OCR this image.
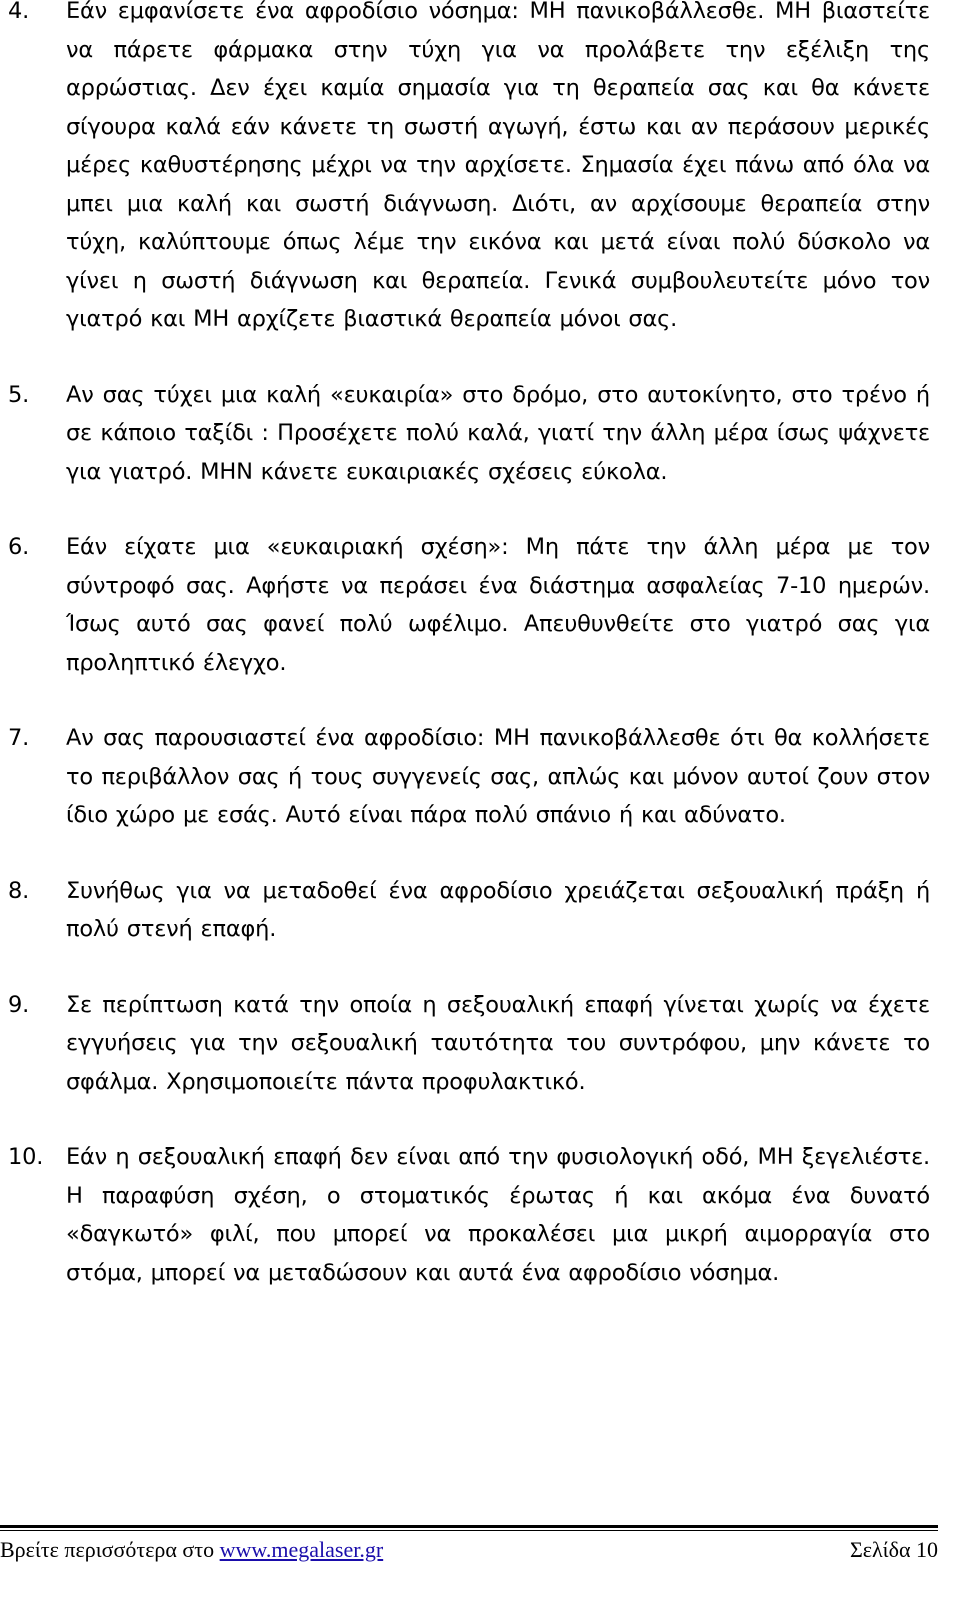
4. Εάν εμφανίσετε ένα αφροδίσιο νόσημα: ΜΗ πανικοβάλλεσθε. ΜΗ βιαστείτε να πάρετε φάρμακα στην τύχη για να προλάβετε την εξέλιξη της αρρώστιας. Δεν έχει καμία σημασία για τη θεραπεία σας και θα κάνετε σίγουρα καλά εάν κάνετε τη σωστή αγωγή, έστω και αν περάσουν μερικές μέρες καθυστέρησης μέχρι να την αρχίσετε. Σημασία έχει πάνω από όλα να μπει μια καλή και σωστή διάγνωση. Διότι, αν αρχίσουμε θεραπεία στην τύχη, καλύπτουμε όπως λέμε την εικόνα και μετά είναι πολύ δύσκολο να γίνει η σωστή διάγνωση και θεραπεία. Γενικά συμβουλευτείτε μόνο τον γιατρό και ΜΗ αρχίζετε βιαστικά θεραπεία μόνοι σας.
5. Αν σας τύχει μια καλή «ευκαιρία» στο δρόμο, στο αυτοκίνητο, στο τρένο ή σε κάποιο ταξίδι : Προσέχετε πολύ καλά, γιατί την άλλη μέρα ίσως ψάχνετε για γιατρό. ΜΗΝ κάνετε ευκαιριακές σχέσεις εύκολα.
6. Εάν είχατε μια «ευκαιριακή σχέση»: Μη πάτε την άλλη μέρα με τον σύντροφό σας. Αφήστε να περάσει ένα διάστημα ασφαλείας 7-10 ημερών. Ίσως αυτό σας φανεί πολύ ωφέλιμο. Απευθυνθείτε στο γιατρό σας για προληπτικό έλεγχο.
7. Αν σας παρουσιαστεί ένα αφροδίσιο: ΜΗ πανικοβάλλεσθε ότι θα κολλήσετε το περιβάλλον σας ή τους συγγενείς σας, απλώς και μόνον αυτοί ζουν στον ίδιο χώρο με εσάς. Αυτό είναι πάρα πολύ σπάνιο ή και αδύνατο.
8. Συνήθως για να μεταδοθεί ένα αφροδίσιο χρειάζεται σεξουαλική πράξη ή πολύ στενή επαφή.
9. Σε περίπτωση κατά την οποία η σεξουαλική επαφή γίνεται χωρίς να έχετε εγγυήσεις για την σεξουαλική ταυτότητα του συντρόφου, μην κάνετε το σφάλμα. Χρησιμοποιείτε πάντα προφυλακτικό.
10. Εάν η σεξουαλική επαφή δεν είναι από την φυσιολογική οδό, ΜΗ ξεγελιέστε. Η παραφύση σχέση, ο στοματικός έρωτας ή και ακόμα ένα δυνατό «δαγκωτό» φιλί, που μπορεί να προκαλέσει μια μικρή αιμορραγία στο στόμα, μπορεί να μεταδώσουν και αυτά ένα αφροδίσιο νόσημα.
Βρείτε περισσότερα στο www.megalaser.gr	Σελίδα 10
